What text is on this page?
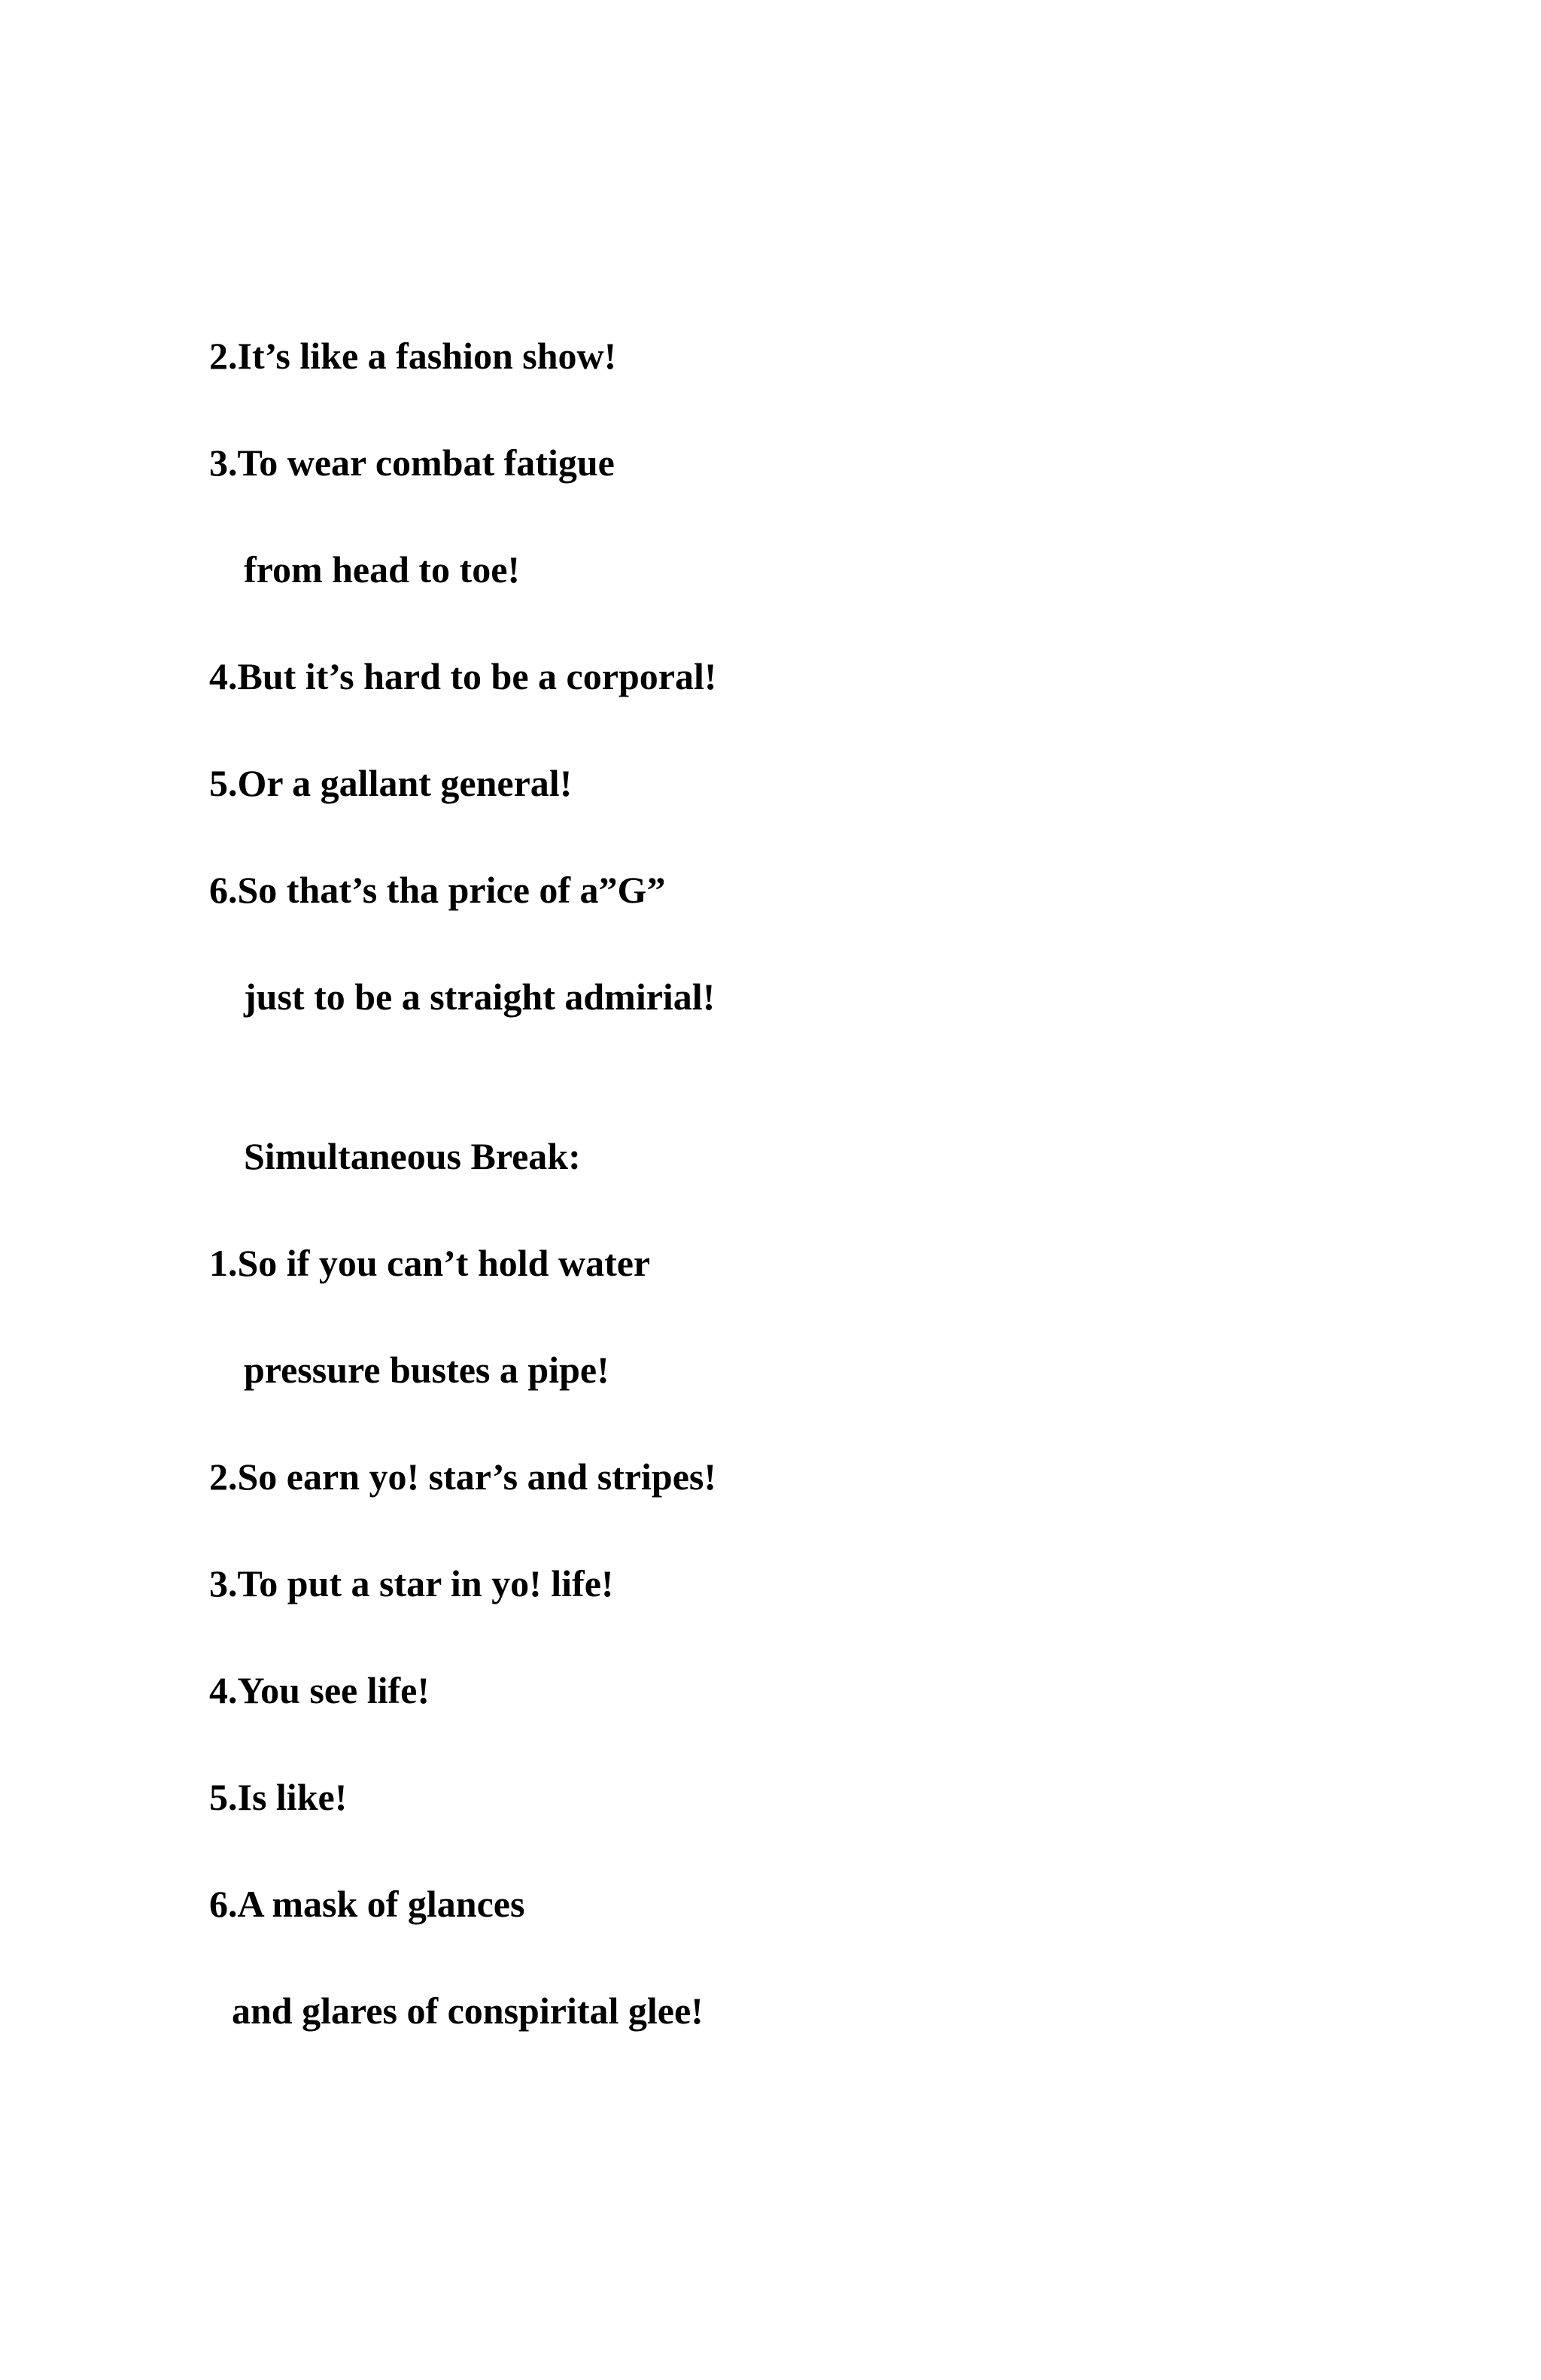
2.It’s like a fashion show!

3.To wear combat fatigue

from head to toe!

4.But it’s hard to be a corporal!

5.Or a gallant general!

6.So that’s tha price of a”G”

just to be a straight admirial!

Simultaneous Break:

1.So if you can’t hold water

pressure bustes a pipe!

2.So earn yo! star’s and stripes!

3.To put a star in yo! life!

4.You see life!

5.Is like!

6.A mask of glances

and glares of conspirital glee!
